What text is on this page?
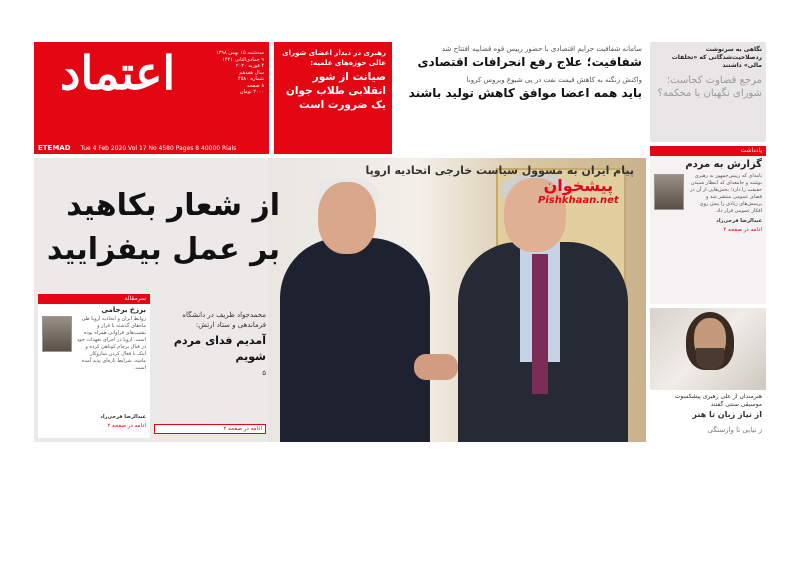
اعتماد	سه‌شنبه ۱۵ بهمن ۱۳۹۸
۹ جمادی‌الثانی ۱۴۴۱
۴ فوریه ۲۰۲۰
سال هفدهم
شماره ۴۵۸۰
۸ صفحه
۲۰۰۰ تومان
ETEMAD Tue 4 Feb 2020 Vol 17 No 4580 Pages 8 40000 Rials
رهبری در دیدار اعضای شورای عالی حوزه‌های علمیه:
صیانت از شور انقلابی طلاب جوان یک ضرورت است
سامانه شفافیت جرایم اقتصادی با حضور رییس قوه قضاییه افتتاح شد
شفافیت؛ علاج رفع انحرافات اقتصادی
واکنش زنگنه به کاهش قیمت نفت در پی شیوع ویروس کرونا
باید همه اعضا موافق کاهش تولید باشند
نگاهی به سرنوشت ردصلاحیت‌شدگانی که «تخلفات مالی» داشتند
مرجع قضاوت کجاست؛ شورای نگهبان یا محکمه؟
یادداشت
گزارش به مردم
نامه‌ای که رییس‌جمهور به رهبری نوشته و جامعه‌ای که انتظار شنیدن حقیقت را دارد؛ بخش‌هایی از آن در فضای عمومی منتشر شد و پرسش‌های زیادی را پیش روی افکار عمومی قرار داد.
عبدالرضا فرجی‌راد
ادامه در صفحه ۲
هنرمندان از علی رهبری پیشکسوت موسیقی سنتی گفتند
از نیاز زبان تا هنر
ز نیایی تا وارستگی
پیشخوان
Pishkhaan.net
پیام ایران به مسوول سیاست خارجی اتحادیه اروپا
از شعار بکاهید
بر عمل بیفزایید
محمدجواد ظریف در دانشگاه فرماندهی و ستاد ارتش:
آمدیم فدای مردم شویم
۵
سرمقاله
برزخ برجامی
روابط ایران و اتحادیه اروپا طی ماه‌های گذشته با فراز و نشیب‌های فراوانی همراه بوده است. اروپا در اجرای تعهدات خود در قبال برجام کوتاهی کرده و اینک با فعال کردن سازوکار ماشه، شرایط تازه‌ای پدید آمده است.
عبدالرضا فرجی‌راد
ادامه در صفحه ۲	ادامه در صفحه ۲
